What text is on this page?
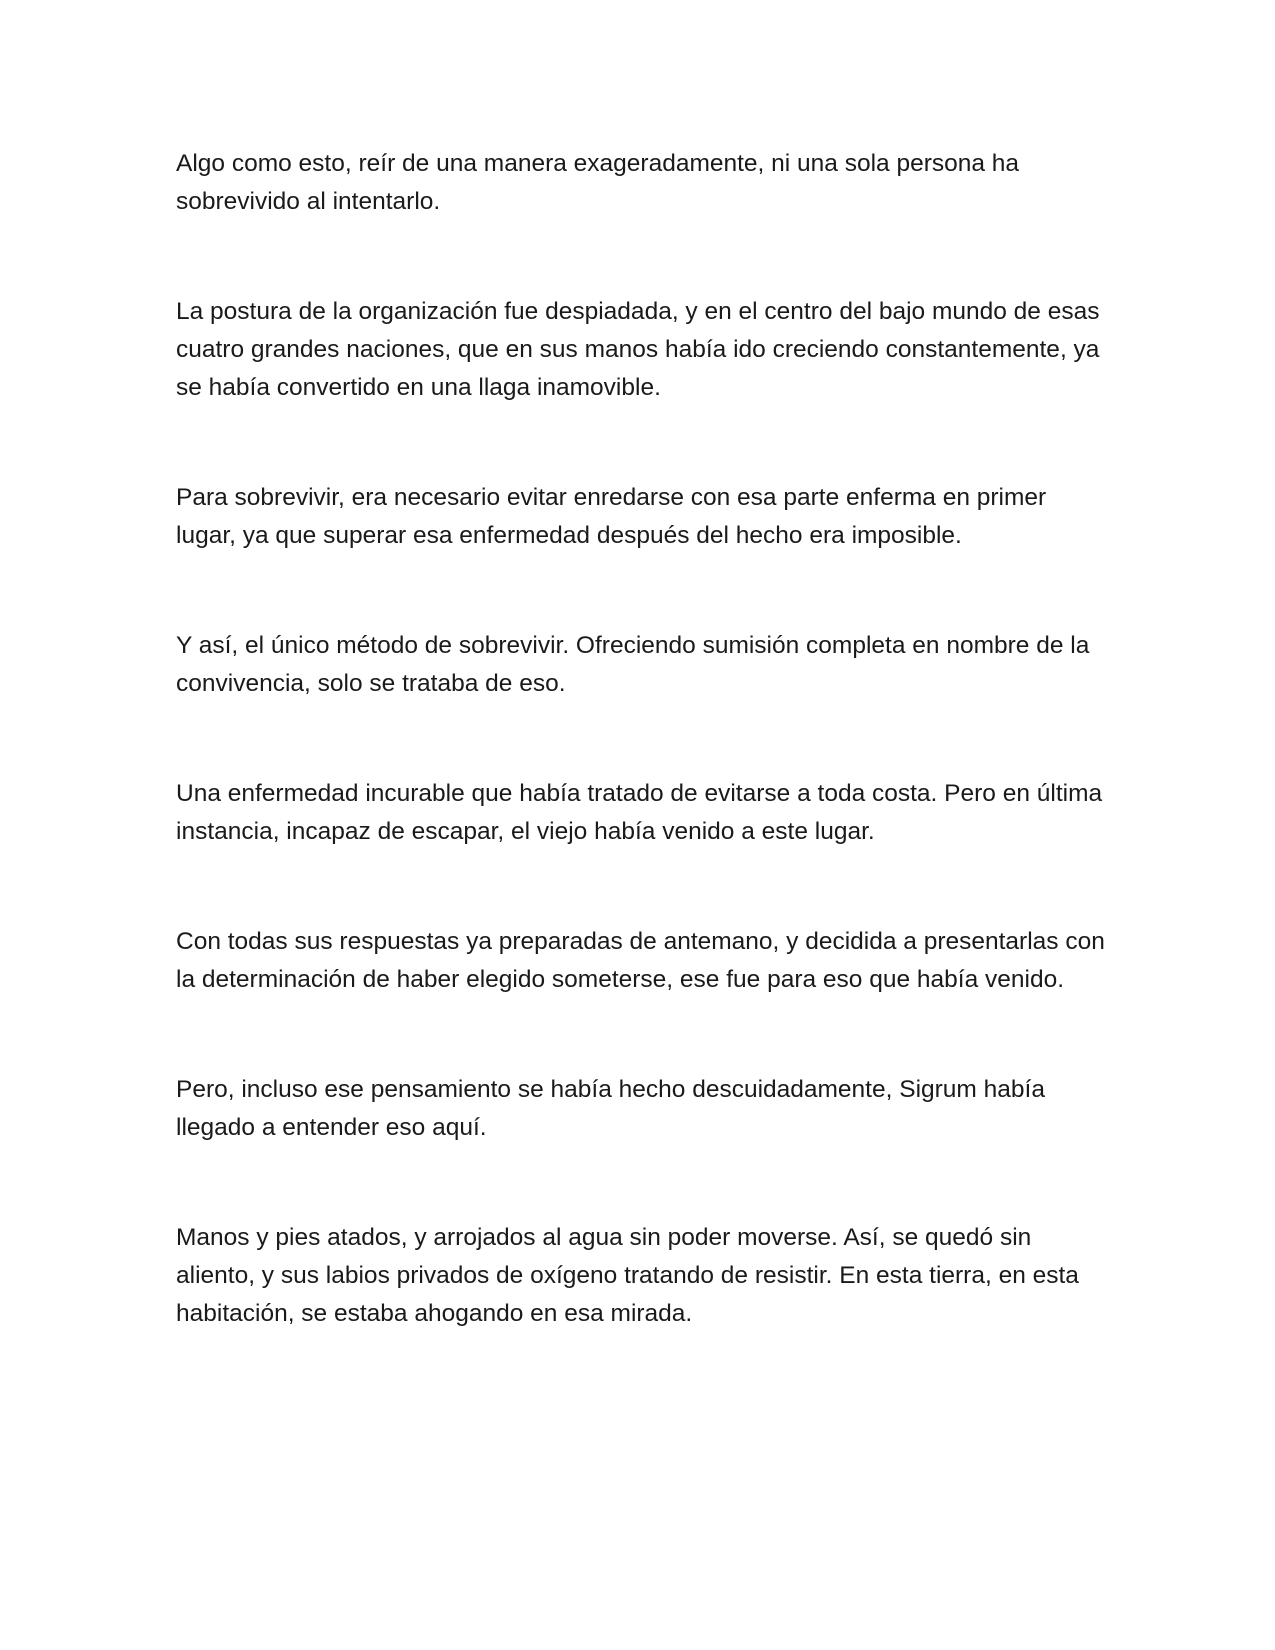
Algo como esto, reír de una manera exageradamente, ni una sola persona ha sobrevivido al intentarlo.

La postura de la organización fue despiadada, y en el centro del bajo mundo de esas cuatro grandes naciones, que en sus manos había ido creciendo constantemente, ya se había convertido en una llaga inamovible.

Para sobrevivir, era necesario evitar enredarse con esa parte enferma en primer lugar, ya que superar esa enfermedad después del hecho era imposible.

Y así, el único método de sobrevivir. Ofreciendo sumisión completa en nombre de la convivencia, solo se trataba de eso.

Una enfermedad incurable que había tratado de evitarse a toda costa. Pero en última instancia, incapaz de escapar, el viejo había venido a este lugar.

Con todas sus respuestas ya preparadas de antemano, y decidida a presentarlas con la determinación de haber elegido someterse, ese fue para eso que había venido.

Pero, incluso ese pensamiento se había hecho descuidadamente, Sigrum había llegado a entender eso aquí.

Manos y pies atados, y arrojados al agua sin poder moverse. Así, se quedó sin aliento, y sus labios privados de oxígeno tratando de resistir. En esta tierra, en esta habitación, se estaba ahogando en esa mirada.
